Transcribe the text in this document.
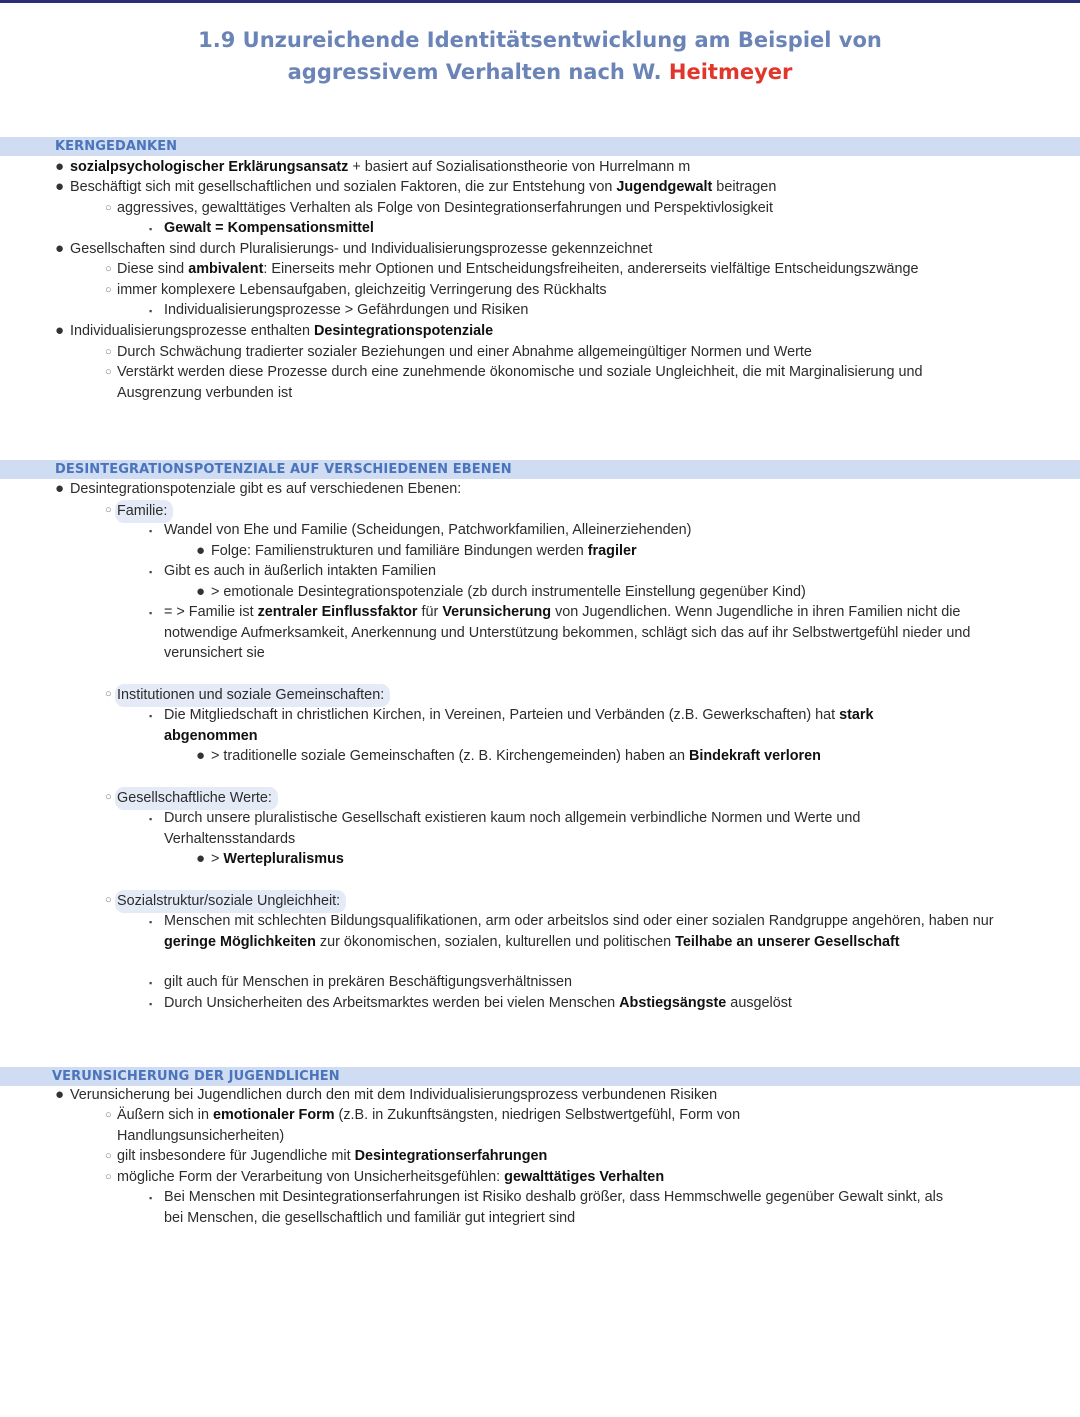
1.9 Unzureichende Identitätsentwicklung am Beispiel von
aggressivem Verhalten nach W. Heitmeyer
KERNGEDANKEN
● sozialpsychologischer Erklärungsansatz + basiert auf Sozialisationstheorie von Hurrelmann m
● Beschäftigt sich mit gesellschaftlichen und sozialen Faktoren, die zur Entstehung von Jugendgewalt beitragen
○ aggressives, gewalttätiges Verhalten als Folge von Desintegrationserfahrungen und Perspektivlosigkeit
▪ Gewalt = Kompensationsmittel
● Gesellschaften sind durch Pluralisierungs- und Individualisierungsprozesse gekennzeichnet
○ Diese sind ambivalent: Einerseits mehr Optionen und Entscheidungsfreiheiten, andererseits vielfältige Entscheidungszwänge
○ immer komplexere Lebensaufgaben, gleichzeitig Verringerung des Rückhalts
▪ Individualisierungsprozesse > Gefährdungen und Risiken
● Individualisierungsprozesse enthalten Desintegrationspotenziale
○ Durch Schwächung tradierter sozialer Beziehungen und einer Abnahme allgemeingültiger Normen und Werte
○ Verstärkt werden diese Prozesse durch eine zunehmende ökonomische und soziale Ungleichheit, die mit Marginalisierung und Ausgrenzung verbunden ist
DESINTEGRATIONSPOTENZIALE AUF VERSCHIEDENEN EBENEN
● Desintegrationspotenziale gibt es auf verschiedenen Ebenen:
○ Familie:
▪ Wandel von Ehe und Familie (Scheidungen, Patchworkfamilien, Alleinerziehenden)
● Folge: Familienstrukturen und familiäre Bindungen werden fragiler
▪ Gibt es auch in äußerlich intakten Familien
● > emotionale Desintegrationspotenziale (zb durch instrumentelle Einstellung gegenüber Kind)
▪ = > Familie ist zentraler Einflussfaktor für Verunsicherung von Jugendlichen. Wenn Jugendliche in ihren Familien nicht die notwendige Aufmerksamkeit, Anerkennung und Unterstützung bekommen, schlägt sich das auf ihr Selbstwertgefühl nieder und verunsichert sie
○ Institutionen und soziale Gemeinschaften:
▪ Die Mitgliedschaft in christlichen Kirchen, in Vereinen, Parteien und Verbänden (z.B. Gewerkschaften) hat stark abgenommen
● > traditionelle soziale Gemeinschaften (z. B. Kirchengemeinden) haben an Bindekraft verloren
○ Gesellschaftliche Werte:
▪ Durch unsere pluralistische Gesellschaft existieren kaum noch allgemein verbindliche Normen und Werte und Verhaltensstandards
● > Wertepluralismus
○ Sozialstruktur/soziale Ungleichheit:
▪ Menschen mit schlechten Bildungsqualifikationen, arm oder arbeitslos sind oder einer sozialen Randgruppe angehören, haben nur geringe Möglichkeiten zur ökonomischen, sozialen, kulturellen und politischen Teilhabe an unserer Gesellschaft
▪ gilt auch für Menschen in prekären Beschäftigungsverhältnissen
▪ Durch Unsicherheiten des Arbeitsmarktes werden bei vielen Menschen Abstiegsängste ausgelöst
VERUNSICHERUNG DER JUGENDLICHEN
● Verunsicherung bei Jugendlichen durch den mit dem Individualisierungsprozess verbundenen Risiken
○ Äußern sich in emotionaler Form (z.B. in Zukunftsängsten, niedrigen Selbstwertgefühl, Form von Handlungsunsicherheiten)
○ gilt insbesondere für Jugendliche mit Desintegrationserfahrungen
○ mögliche Form der Verarbeitung von Unsicherheitsgefühlen: gewalttätiges Verhalten
▪ Bei Menschen mit Desintegrationserfahrungen ist Risiko deshalb größer, dass Hemmschwelle gegenüber Gewalt sinkt, als bei Menschen, die gesellschaftlich und familiär gut integriert sind
